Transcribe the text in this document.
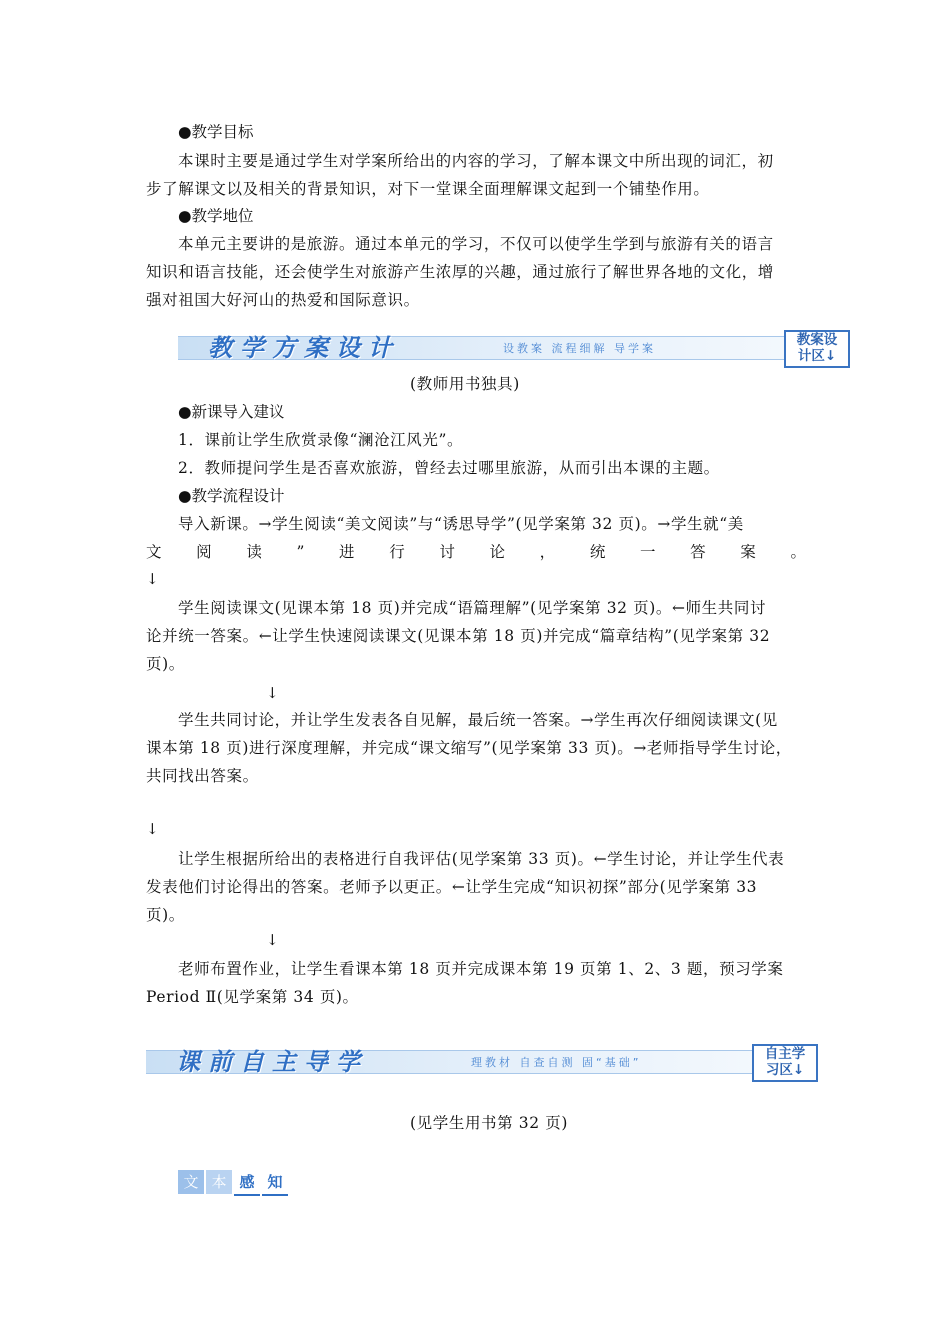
●教学目标
本课时主要是通过学生对学案所给出的内容的学习，了解本课文中所出现的词汇，初
步了解课文以及相关的背景知识，对下一堂课全面理解课文起到一个铺垫作用。
●教学地位
本单元主要讲的是旅游。通过本单元的学习，不仅可以使学生学到与旅游有关的语言
知识和语言技能，还会使学生对旅游产生浓厚的兴趣，通过旅行了解世界各地的文化，增
强对祖国大好河山的热爱和国际意识。
教学方案设计	设教案 流程细解 导学案
教案设
计区↓
(教师用书独具)
●新课导入建议
1．课前让学生欣赏录像“澜沧江风光”。
2．教师提问学生是否喜欢旅游，曾经去过哪里旅游，从而引出本课的主题。
●教学流程设计
导入新课。→学生阅读“美文阅读”与“诱思导学”(见学案第 32 页)。→学生就“美
文 阅 读 ” 进 行 讨 论 ， 统 一 答 案 。
↓
学生阅读课文(见课本第 18 页)并完成“语篇理解”(见学案第 32 页)。←师生共同讨
论并统一答案。←让学生快速阅读课文(见课本第 18 页)并完成“篇章结构”(见学案第 32
页)。
↓
学生共同讨论，并让学生发表各自见解，最后统一答案。→学生再次仔细阅读课文(见
课本第 18 页)进行深度理解，并完成“课文缩写”(见学案第 33 页)。→老师指导学生讨论，
共同找出答案。
↓
让学生根据所给出的表格进行自我评估(见学案第 33 页)。←学生讨论，并让学生代表
发表他们讨论得出的答案。老师予以更正。←让学生完成“知识初探”部分(见学案第 33
页)。
↓
老师布置作业，让学生看课本第 18 页并完成课本第 19 页第 1、2、3 题，预习学案
Period Ⅱ(见学案第 34 页)。
课前自主导学	理教材 自查自测 固“基础”
自主学
习区↓
(见学生用书第 32 页)
文 本 感 知
